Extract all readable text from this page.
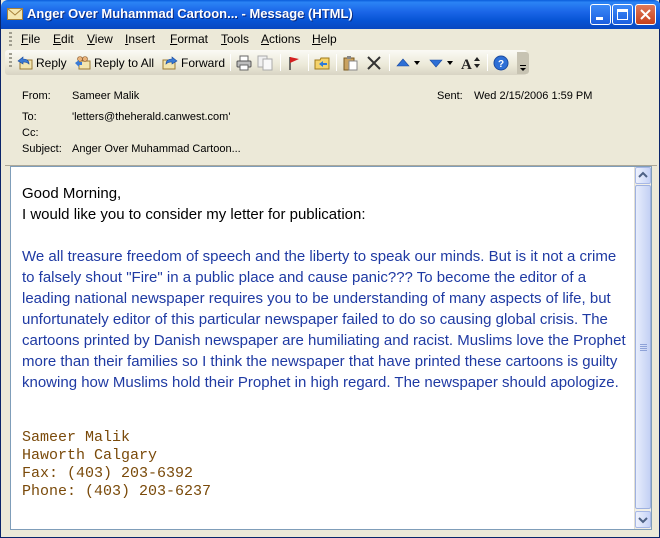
Anger Over Muhammad Cartoon... - Message (HTML)
File Edit View Insert Format Tools Actions Help
Reply Reply to All Forward	A	?
From: Sameer Malik	Sent: Wed 2/15/2006 1:59 PM
To:	'letters@theherald.canwest.com'
Cc:
Subject: Anger Over Muhammad Cartoon...
Good Morning,
I would like you to consider my letter for publication:
We all treasure freedom of speech and the liberty to speak our minds. But is it not a crime to falsely shout "Fire" in a public place and cause panic??? To become the editor of a leading national newspaper requires you to be understanding of many aspects of life, but unfortunately editor of this particular newspaper failed to do so causing global crisis. The cartoons printed by Danish newspaper are humiliating and racist. Muslims love the Prophet more than their families so I think the newspaper that have printed these cartoons is guilty knowing how Muslims hold their Prophet in high regard. The newspaper should apologize.
Sameer Malik
Haworth Calgary
Fax: (403) 203-6392
Phone: (403) 203-6237
